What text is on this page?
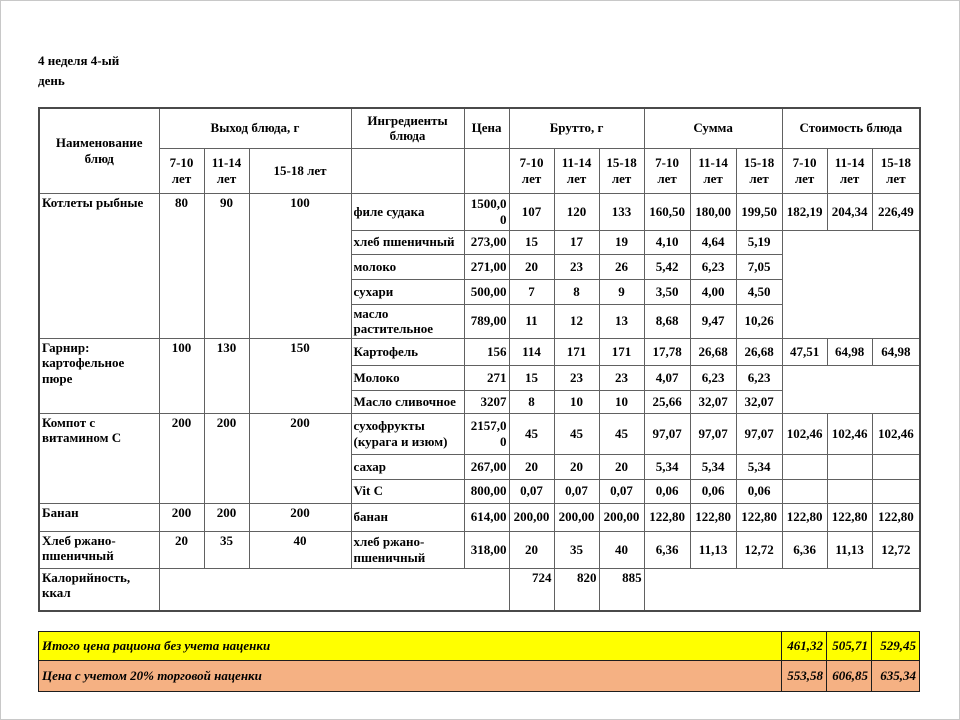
4 неделя 4-ый день
Наименование блюд	Выход блюда, г			Ингредиенты блюда	Цена	Брутто, г			Сумма			Стоимость блюда		
	7-10 лет	11-14 лет	15-18 лет			7-10 лет	11-14 лет	15-18 лет	7-10 лет	11-14 лет	15-18 лет	7-10 лет	11-14 лет	15-18 лет
Котлеты рыбные	80	90	100	филе судака	1500,00	107	120	133	160,50	180,00	199,50	182,19	204,34	226,49
				хлеб пшеничный	273,00	15	17	19	4,10	4,64	5,19			
				молоко	271,00	20	23	26	5,42	6,23	7,05			
				сухари	500,00	7	8	9	3,50	4,00	4,50			
				масло растительное	789,00	11	12	13	8,68	9,47	10,26			
Гарнир: картофельное пюре	100	130	150	Картофель	156	114	171	171	17,78	26,68	26,68	47,51	64,98	64,98
				Молоко	271	15	23	23	4,07	6,23	6,23			
				Масло сливочное	3207	8	10	10	25,66	32,07	32,07			
Компот с витамином С	200	200	200	сухофрукты (курага и изюм)	2157,00	45	45	45	97,07	97,07	97,07	102,46	102,46	102,46
				сахар	267,00	20	20	20	5,34	5,34	5,34			
				Vit C	800,00	0,07	0,07	0,07	0,06	0,06	0,06			
Банан	200	200	200	банан	614,00	200,00	200,00	200,00	122,80	122,80	122,80	122,80	122,80	122,80
Хлеб ржано-пшеничный	20	35	40	хлеб ржано-пшеничный	318,00	20	35	40	6,36	11,13	12,72	6,36	11,13	12,72
Калорийность, ккал						724	820	885						
Итого цена рациона без учета наценки	461,32	505,71	529,45
Цена с учетом 20% торговой наценки	553,58	606,85	635,34
